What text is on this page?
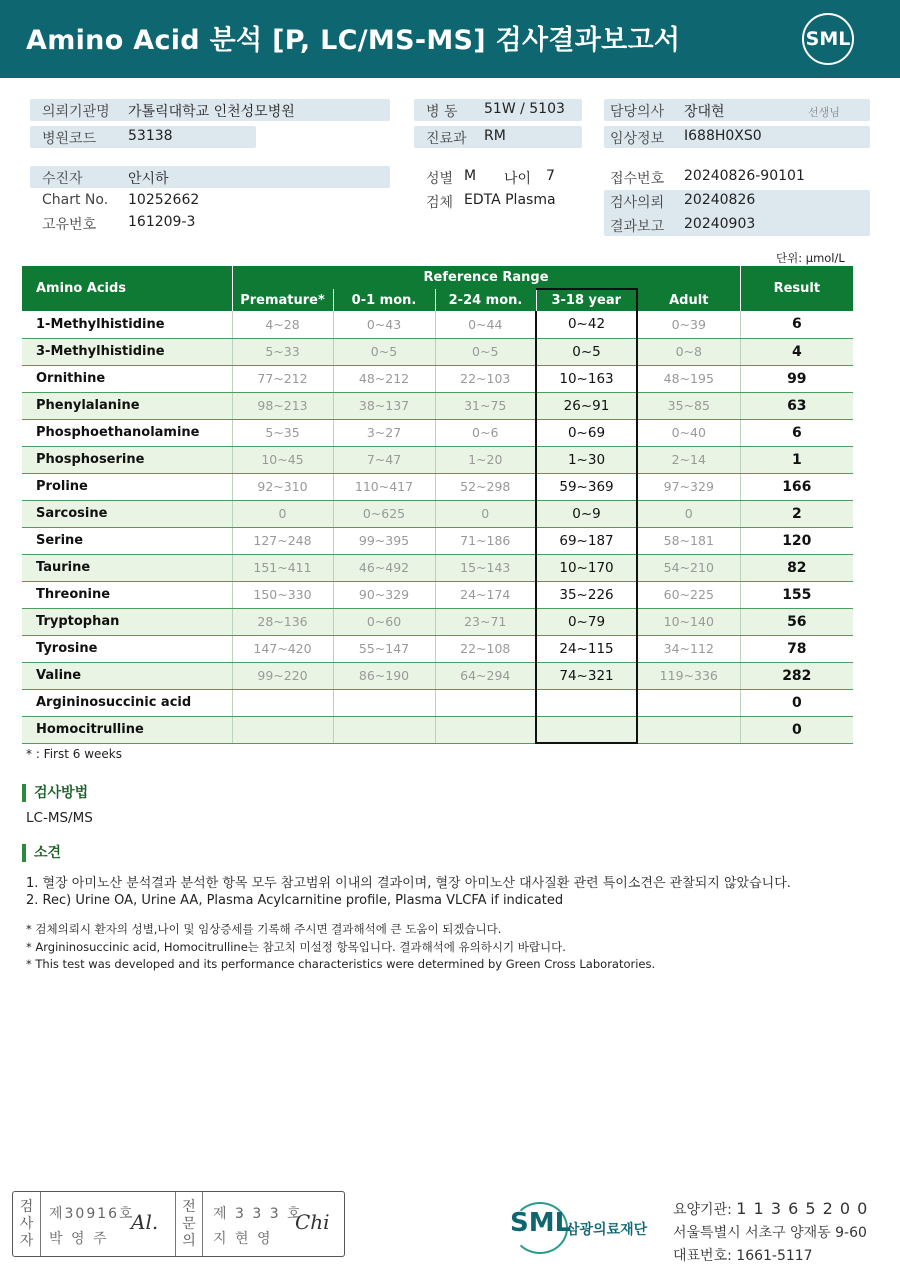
Amino Acid 분석 [P, LC/MS-MS] 검사결과보고서	SML
의뢰기관명 가톨릭대학교 인천성모병원
병원코드 53138
수진자	안시하
Chart No. 10252662
고유번호 161209-3
병 동 51W / 5103
진료과 RM
성별 M 나이 7
검체 EDTA Plasma
담당의사 장대현	선생님
임상정보 I688H0XS0
접수번호 20240826-90101
검사의뢰 20240826
결과보고 20240903
단위: μmol/L
Amino Acids	Reference Range					Result
	Premature*	0-1 mon.	2-24 mon.	3-18 year	Adult	
1-Methylhistidine	4~28	0~43	0~44	0~42	0~39	6
3-Methylhistidine	5~33	0~5	0~5	0~5	0~8	4
Ornithine	77~212	48~212	22~103	10~163	48~195	99
Phenylalanine	98~213	38~137	31~75	26~91	35~85	63
Phosphoethanolamine	5~35	3~27	0~6	0~69	0~40	6
Phosphoserine	10~45	7~47	1~20	1~30	2~14	1
Proline	92~310	110~417	52~298	59~369	97~329	166
Sarcosine	0	0~625	0	0~9	0	2
Serine	127~248	99~395	71~186	69~187	58~181	120
Taurine	151~411	46~492	15~143	10~170	54~210	82
Threonine	150~330	90~329	24~174	35~226	60~225	155
Tryptophan	28~136	0~60	23~71	0~79	10~140	56
Tyrosine	147~420	55~147	22~108	24~115	34~112	78
Valine	99~220	86~190	64~294	74~321	119~336	282
Argininosuccinic acid						0
Homocitrulline						0
* : First 6 weeks
검사방법
LC-MS/MS
소견
1. 혈장 아미노산 분석결과 분석한 항목 모두 참고범위 이내의 결과이며, 혈장 아미노산 대사질환 관련 특이소견은 관찰되지 않았습니다.
2. Rec) Urine OA, Urine AA, Plasma Acylcarnitine profile, Plasma VLCFA if indicated
* 검체의뢰시 환자의 성별,나이 및 임상증세를 기록해 주시면 결과해석에 큰 도움이 되겠습니다.
* Argininosuccinic acid, Homocitrulline는 참고치 미설정 항목입니다. 결과해석에 유의하시기 바랍니다.
* This test was developed and its performance characteristics were determined by Green Cross Laboratories.
검
사
자
제30916호
박 영 주
Al.
전
문
의
제 3 3 3 호
지 현 영
Chi	SML
삼광의료재단
요양기관: 1 1 3 6 5 2 0 0
서울특별시 서초구 양재동 9-60
대표번호: 1661-5117
